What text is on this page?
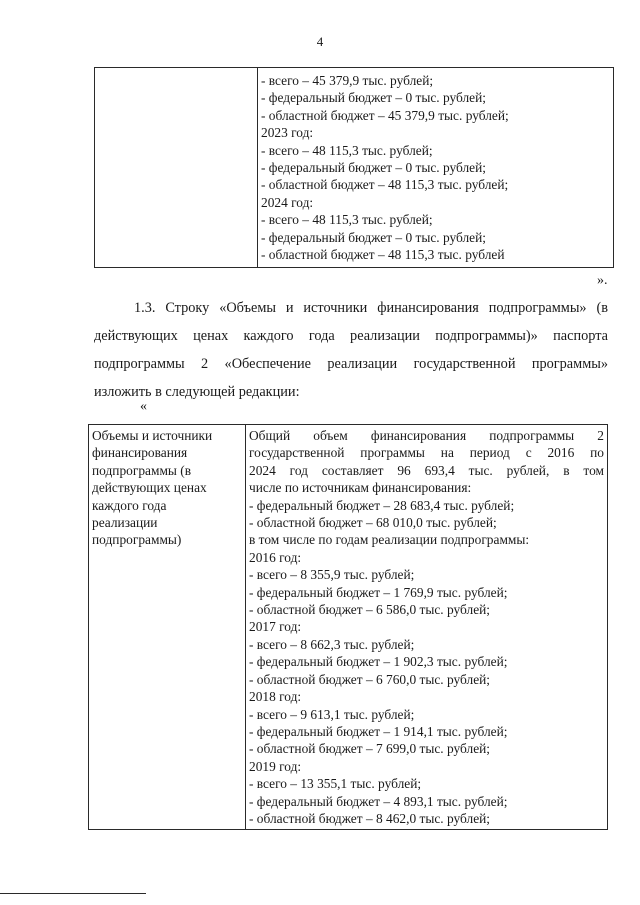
4

- всего – 45 379,9 тыс. рублей;
- федеральный бюджет – 0 тыс. рублей;
- областной бюджет – 45 379,9 тыс. рублей;
2023 год:
- всего – 48 115,3 тыс. рублей;
- федеральный бюджет – 0 тыс. рублей;
- областной бюджет – 48 115,3 тыс. рублей;
2024 год:
- всего – 48 115,3 тыс. рублей;
- федеральный бюджет – 0 тыс. рублей;
- областной бюджет – 48 115,3 тыс. рублей
».
1.3. Строку «Объемы и источники финансирования подпрограммы» (в
действующих ценах каждого года реализации подпрограммы)» паспорта
подпрограммы 2 «Обеспечение реализации государственной программы»
изложить в следующей редакции:
«
Объемы и источники
финансирования
подпрограммы (в
действующих ценах
каждого года
реализации
подпрограммы)

Общий объем финансирования подпрограммы 2
государственной программы на период с 2016 по
2024 год составляет 96 693,4 тыс. рублей, в том
числе по источникам финансирования:
- федеральный бюджет – 28 683,4 тыс. рублей;
- областной бюджет – 68 010,0 тыс. рублей;
в том числе по годам реализации подпрограммы:
2016 год:
- всего – 8 355,9 тыс. рублей;
- федеральный бюджет – 1 769,9 тыс. рублей;
- областной бюджет – 6 586,0 тыс. рублей;
2017 год:
- всего – 8 662,3 тыс. рублей;
- федеральный бюджет – 1 902,3 тыс. рублей;
- областной бюджет – 6 760,0 тыс. рублей;
2018 год:
- всего – 9 613,1 тыс. рублей;
- федеральный бюджет – 1 914,1 тыс. рублей;
- областной бюджет – 7 699,0 тыс. рублей;
2019 год:
- всего – 13 355,1 тыс. рублей;
- федеральный бюджет – 4 893,1 тыс. рублей;
- областной бюджет – 8 462,0 тыс. рублей;
